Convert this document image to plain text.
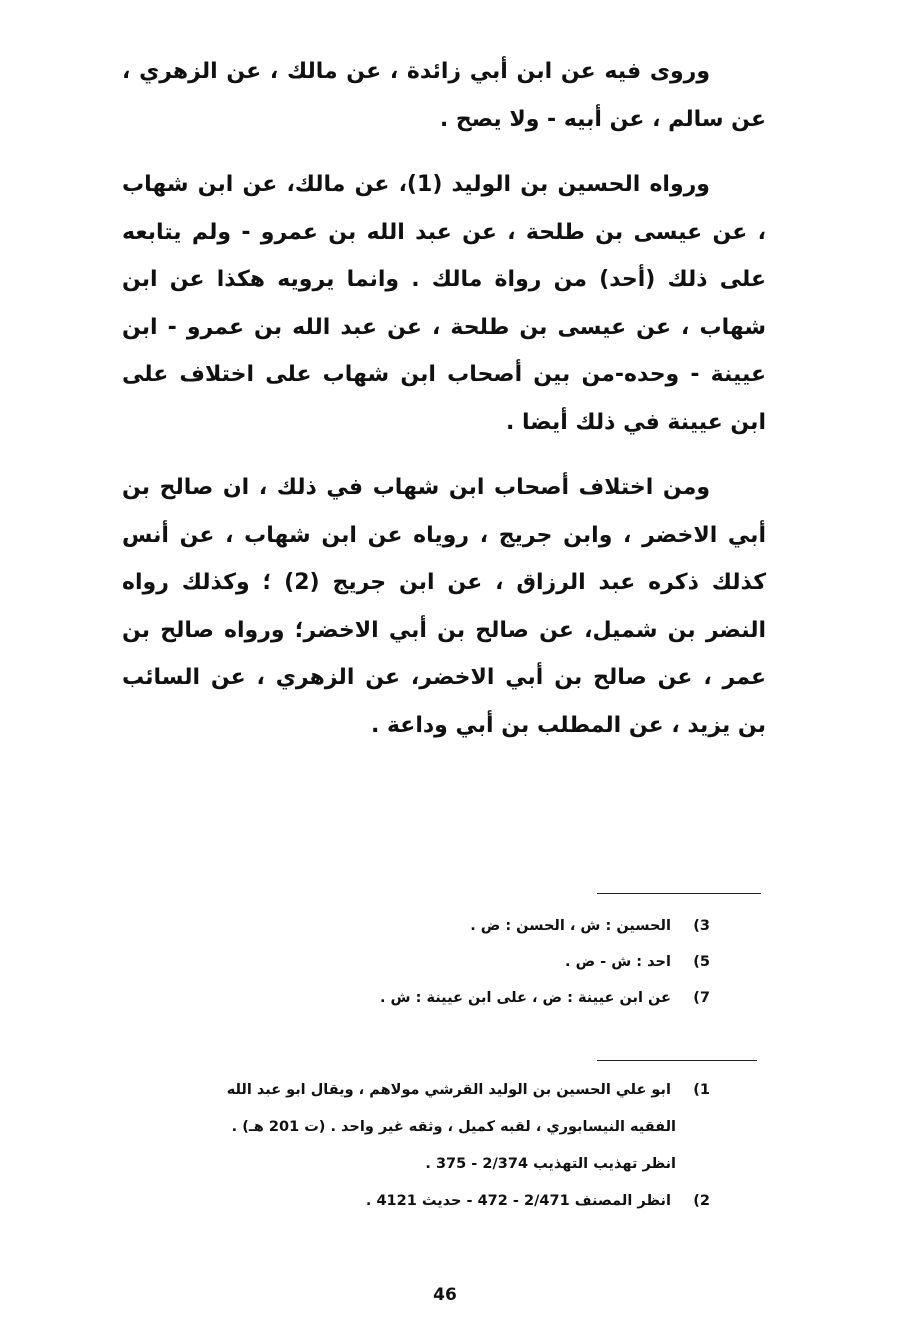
وروى فيه عن ابن أبي زائدة ، عن مالك ، عن الزهري ، عن سالم ، عن أبيه - ولا يصح .

ورواه الحسين بن الوليد (1)، عن مالك، عن ابن شهاب ، عن عيسى بن طلحة ، عن عبد الله بن عمرو - ولم يتابعه على ذلك (أحد) من رواة مالك . وانما يرويه هكذا عن ابن شهاب ، عن عيسى بن طلحة ، عن عبد الله بن عمرو - ابن عيينة - وحده-من بين أصحاب ابن شهاب على اختلاف على ابن عيينة في ذلك أيضا .

ومن اختلاف أصحاب ابن شهاب في ذلك ، ان صالح بن أبي الاخضر ، وابن جريج ، روياه عن ابن شهاب ، عن أنس كذلك ذكره عبد الرزاق ، عن ابن جريج (2) ؛ وكذلك رواه النضر بن شميل، عن صالح بن أبي الاخضر؛ ورواه صالح بن عمر ، عن صالح بن أبي الاخضر، عن الزهري ، عن السائب بن يزيد ، عن المطلب بن أبي وداعة .

3) الحسين : ش ، الحسن : ض .
5) احد : ش - ض .
7) عن ابن عيينة : ض ، على ابن عيينة : ش .
1) ابو علي الحسين بن الوليد القرشي مولاهم ، ويقال ابو عبد الله
الفقيه النيسابوري ، لقبه كميل ، وثقه غير واحد . (ت 201 هـ) .
انظر تهذيب التهذيب 2/374 - 375 .
2) انظر المصنف 2/471 - 472 - حديث 4121 .
46
